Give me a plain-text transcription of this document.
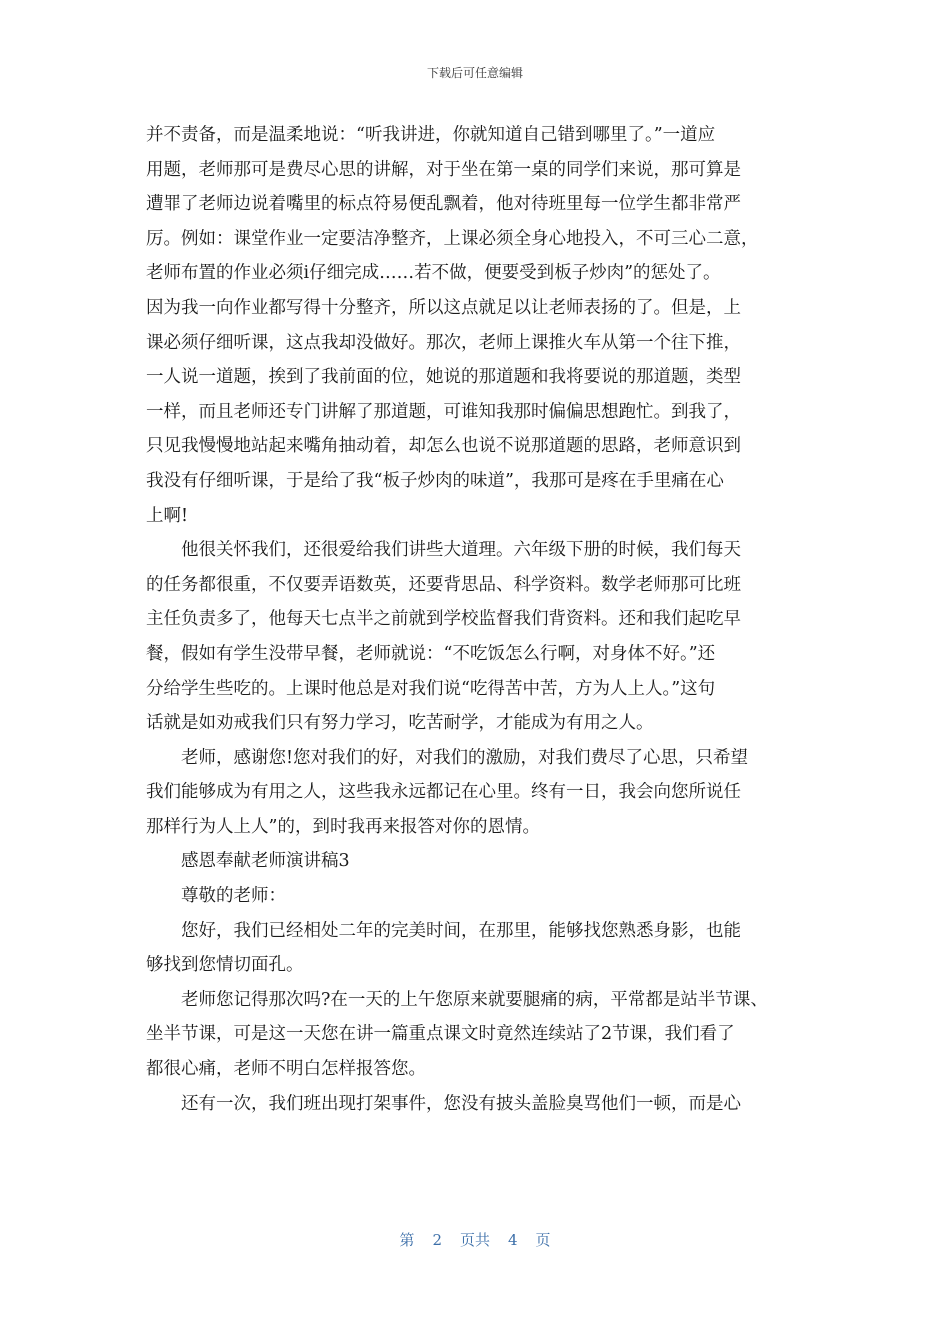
下载后可任意编辑
并不责备，而是温柔地说：“听我讲进，你就知道自己错到哪里了。”一道应
用题，老师那可是费尽心思的讲解，对于坐在第一桌的同学们来说，那可算是
遭罪了老师边说着嘴里的标点符易便乱飘着，他对待班里每一位学生都非常严
厉。例如：课堂作业一定要洁净整齐，上课必须全身心地投入，不可三心二意，
老师布置的作业必须i仔细完成……若不做，便要受到板子炒肉”的惩处了。
因为我一向作业都写得十分整齐，所以这点就足以让老师表扬的了。但是，上
课必须仔细听课，这点我却没做好。那次，老师上课推火车从第一个往下推，
一人说一道题，挨到了我前面的位，她说的那道题和我将要说的那道题，类型
一样，而且老师还专门讲解了那道题，可谁知我那时偏偏思想跑忙。到我了，
只见我慢慢地站起来嘴角抽动着，却怎么也说不说那道题的思路，老师意识到
我没有仔细听课，于是给了我“板子炒肉的味道”，我那可是疼在手里痛在心
上啊!
他很关怀我们，还很爱给我们讲些大道理。六年级下册的时候，我们每天
的任务都很重，不仅要弄语数英，还要背思品、科学资料。数学老师那可比班
主任负责多了，他每天七点半之前就到学校监督我们背资料。还和我们起吃早
餐，假如有学生没带早餐，老师就说：“不吃饭怎么行啊，对身体不好。”还
分给学生些吃的。上课时他总是对我们说“吃得苦中苦，方为人上人。”这句
话就是如劝戒我们只有努力学习，吃苦耐学，才能成为有用之人。
老师，感谢您!您对我们的好，对我们的激励，对我们费尽了心思，只希望
我们能够成为有用之人，这些我永远都记在心里。终有一日，我会向您所说任
那样行为人上人”的，到时我再来报答对你的恩情。
感恩奉献老师演讲稿3
尊敬的老师：
您好，我们已经相处二年的完美时间，在那里，能够找您熟悉身影，也能
够找到您情切面孔。
老师您记得那次吗?在一天的上午您原来就要腿痛的病，平常都是站半节课、
坐半节课，可是这一天您在讲一篇重点课文时竟然连续站了2节课，我们看了
都很心痛，老师不明白怎样报答您。
还有一次，我们班出现打架事件，您没有披头盖脸臭骂他们一顿，而是心
第 2 页共 4 页
